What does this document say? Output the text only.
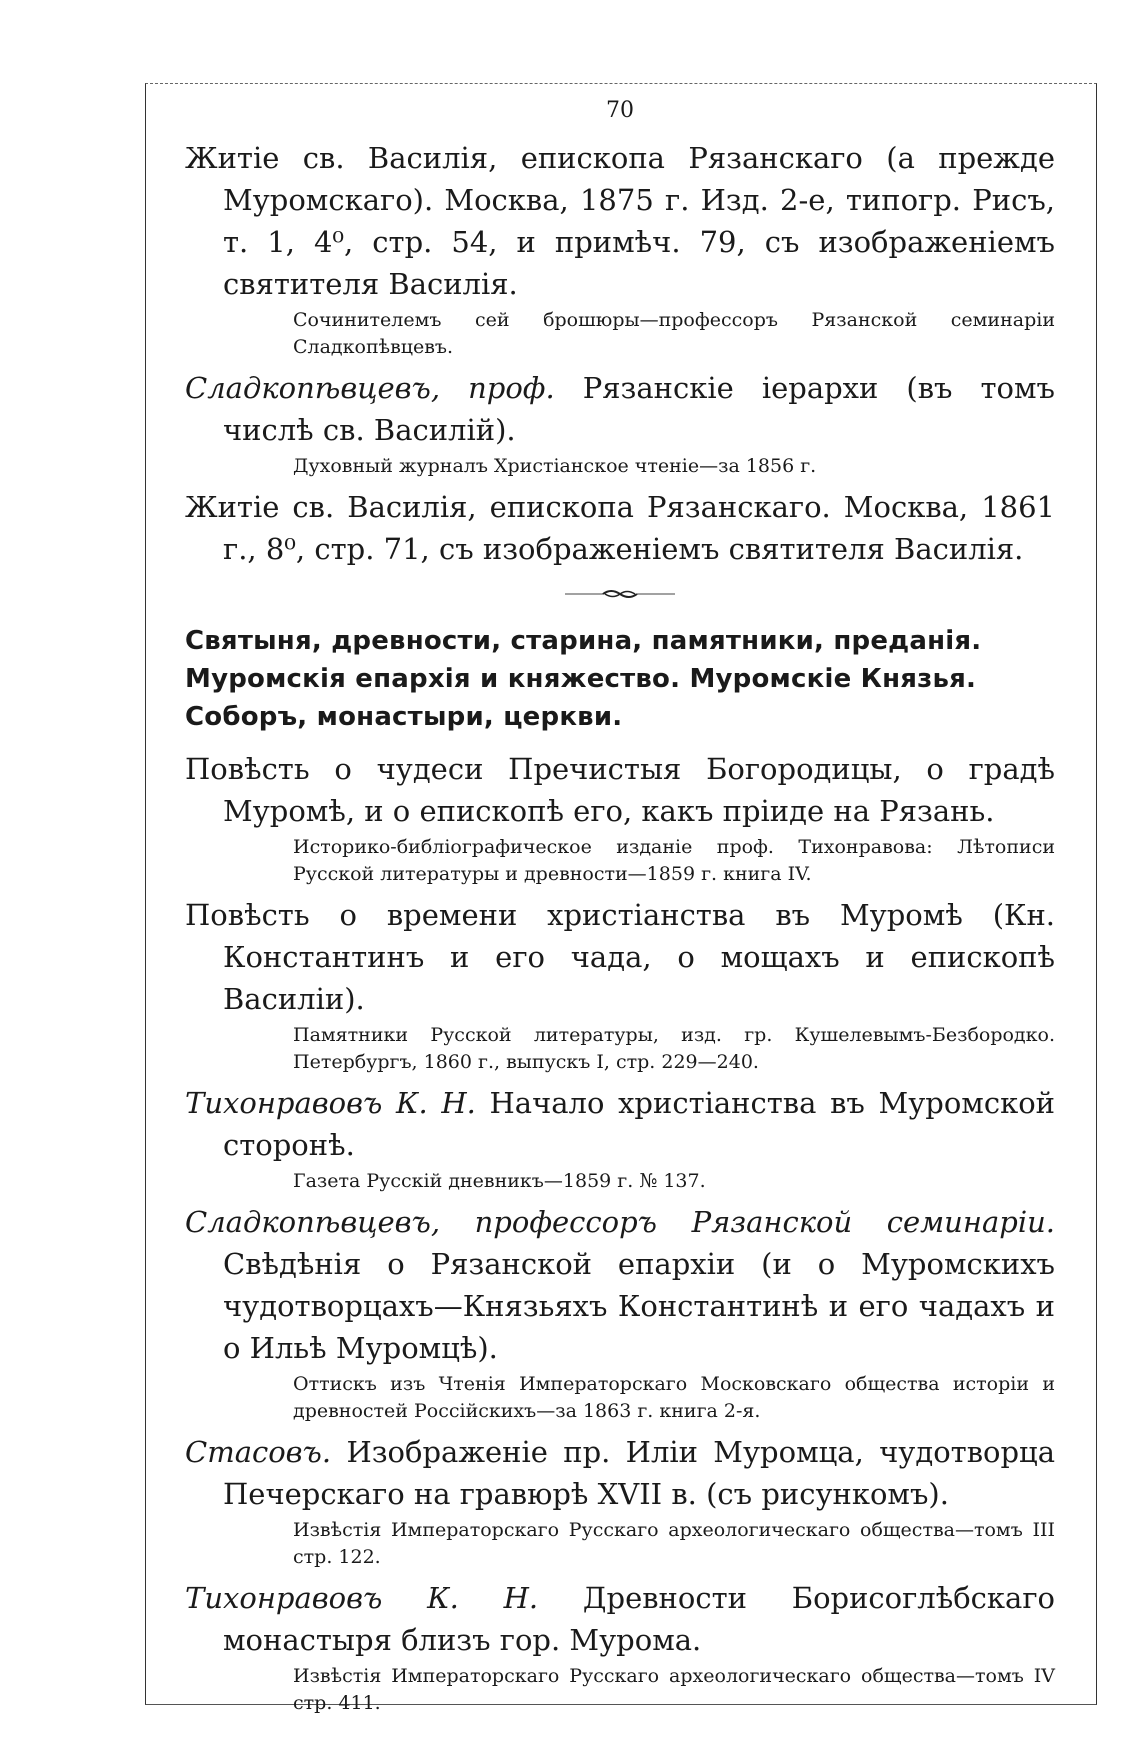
70
Житіе св. Василія, епископа Рязанскаго (а прежде Муромскаго). Москва, 1875 г. Изд. 2-е, типогр. Рисъ, т. 1, 4⁰, стр. 54, и примѣч. 79, съ изображеніемъ святителя Василія.
Сочинителемъ сей брошюры—профессоръ Рязанской семинаріи Сладкопѣвцевъ.
Сладкопѣвцевъ, проф. Рязанскіе іерархи (въ томъ числѣ св. Василій).
Духовный журналъ Христіанское чтеніе—за 1856 г.
Житіе св. Василія, епископа Рязанскаго. Москва, 1861 г., 8⁰, стр. 71, съ изображеніемъ святителя Василія.
Святыня, древности, старина, памятники, преданія. Муромскія епархія и княжество. Муромскіе Князья. Соборъ, монастыри, церкви.
Повѣсть о чудеси Пречистыя Богородицы, о градѣ Муромѣ, и о епископѣ его, какъ пріиде на Рязань.
Историко-библіографическое изданіе проф. Тихонравова: Лѣтописи Русской литературы и древности—1859 г. книга IV.
Повѣсть о времени христіанства въ Муромѣ (Кн. Константинъ и его чада, о мощахъ и епископѣ Василіи).
Памятники Русской литературы, изд. гр. Кушелевымъ-Безбородко. Петербургъ, 1860 г., выпускъ I, стр. 229—240.
Тихонравовъ К. Н. Начало христіанства въ Муромской сторонѣ.
Газета Русскій дневникъ—1859 г. № 137.
Сладкопѣвцевъ, профессоръ Рязанской семинаріи. Свѣдѣнія о Рязанской епархіи (и о Муромскихъ чудотворцахъ—Князьяхъ Константинѣ и его чадахъ и о Ильѣ Муромцѣ).
Оттискъ изъ Чтенія Императорскаго Московскаго общества исторіи и древностей Россійскихъ—за 1863 г. книга 2-я.
Стасовъ. Изображеніе пр. Иліи Муромца, чудотворца Печерскаго на гравюрѣ XVII в. (съ рисункомъ).
Извѣстія Императорскаго Русскаго археологическаго общества—томъ III стр. 122.
Тихонравовъ К. Н. Древности Борисоглѣбскаго монастыря близъ гор. Мурома.
Извѣстія Императорскаго Русскаго археологическаго общества—томъ IV стр. 411.
